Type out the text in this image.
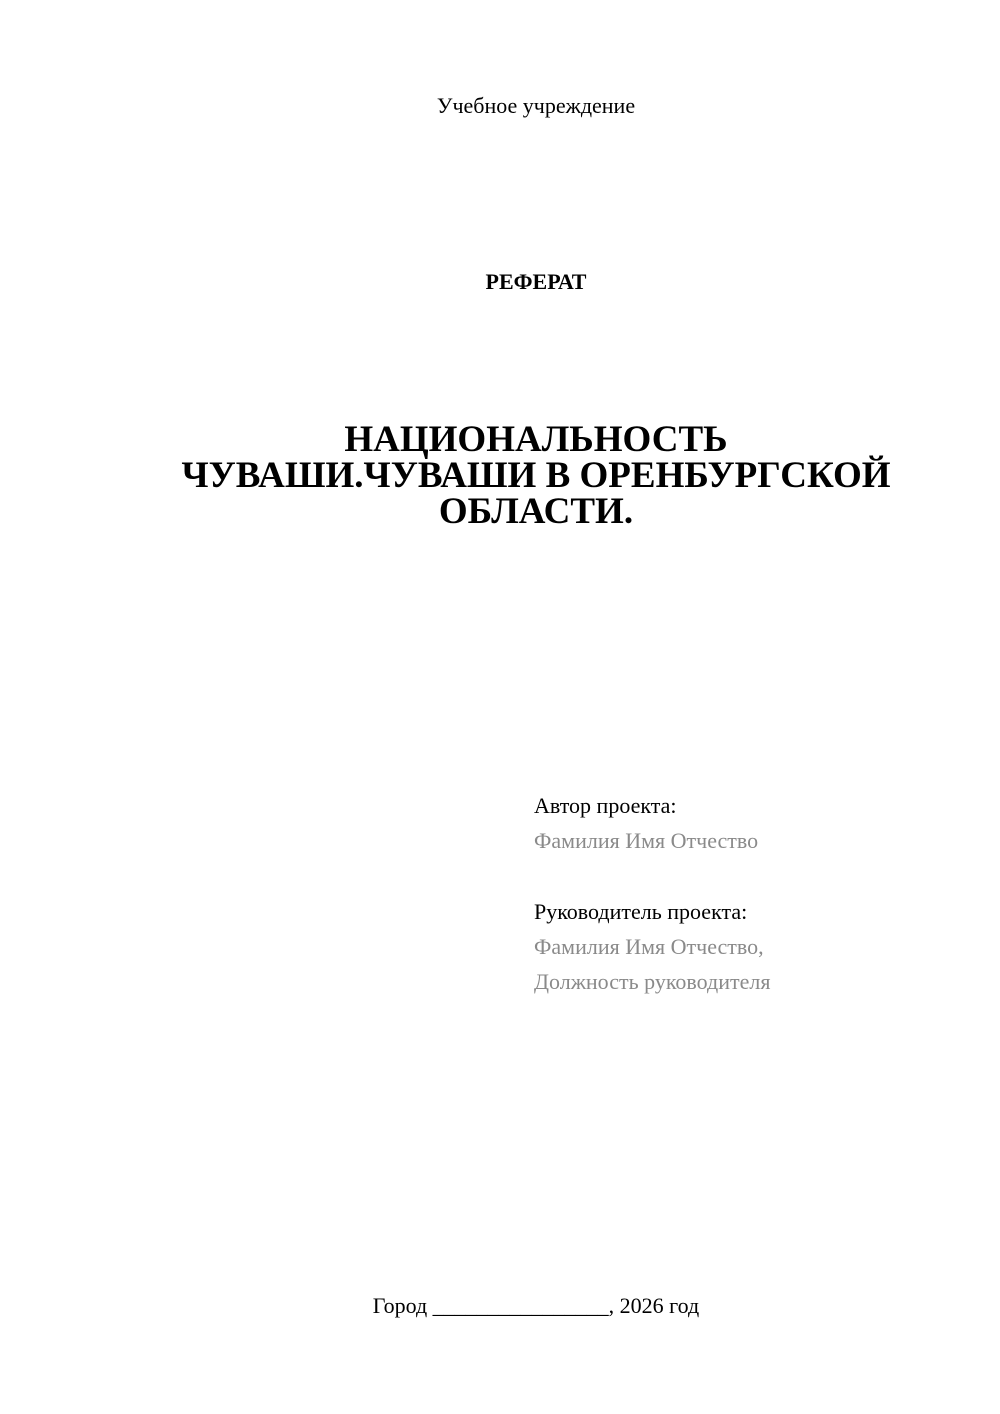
Учебное учреждение
РЕФЕРАТ
НАЦИОНАЛЬНОСТЬ
ЧУВАШИ.ЧУВАШИ В ОРЕНБУРГСКОЙ
ОБЛАСТИ.
Автор проекта:
Фамилия Имя Отчество
Руководитель проекта:
Фамилия Имя Отчество,
Должность руководителя
Город ________________, 2026 год
